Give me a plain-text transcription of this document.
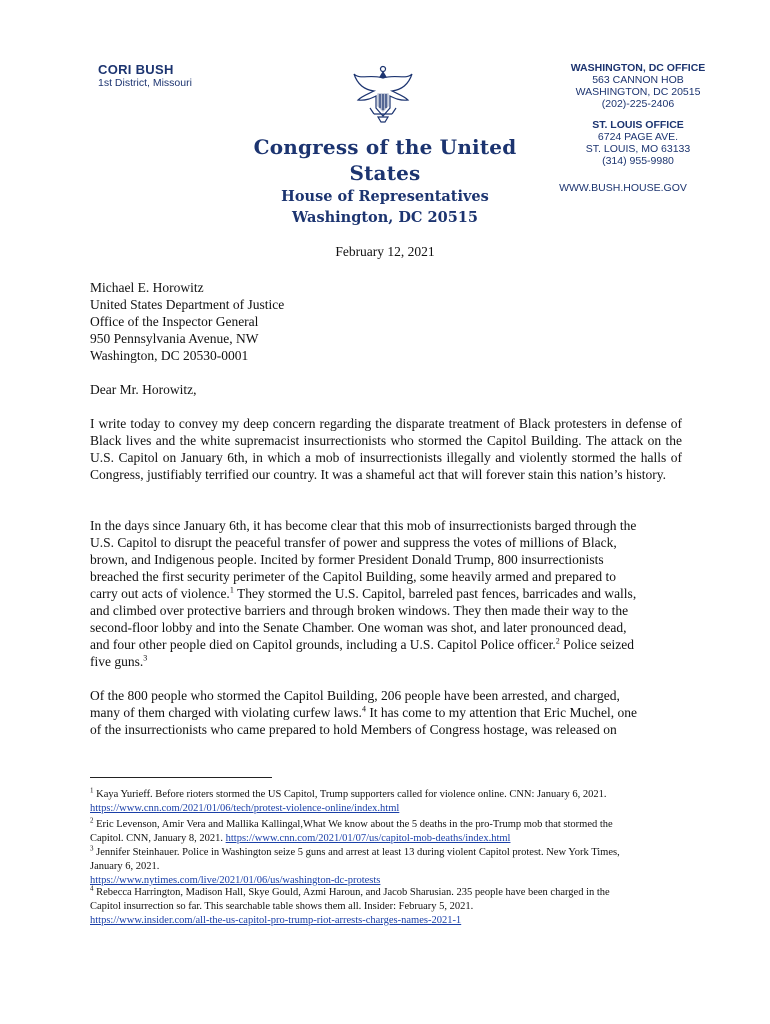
CORI BUSH
1st District, Missouri
Congress of the United States
House of Representatives
Washington, DC 20515
WASHINGTON, DC OFFICE
563 CANNON HOB
WASHINGTON, DC 20515
(202)-225-2406
ST. LOUIS OFFICE
6724 PAGE AVE.
ST. LOUIS, MO 63133
(314) 955-9980
WWW.BUSH.HOUSE.GOV
February 12, 2021
Michael E. Horowitz
United States Department of Justice
Office of the Inspector General
950 Pennsylvania Avenue, NW
Washington, DC 20530-0001
Dear Mr. Horowitz,
I write today to convey my deep concern regarding the disparate treatment of Black protesters in defense of Black lives and the white supremacist insurrectionists who stormed the Capitol Building. The attack on the U.S. Capitol on January 6th, in which a mob of insurrectionists illegally and violently stormed the halls of Congress, justifiably terrified our country. It was a shameful act that will forever stain this nation’s history.
In the days since January 6th, it has become clear that this mob of insurrectionists barged through the
U.S. Capitol to disrupt the peaceful transfer of power and suppress the votes of millions of Black,
brown, and Indigenous people. Incited by former President Donald Trump, 800 insurrectionists
breached the first security perimeter of the Capitol Building, some heavily armed and prepared to
carry out acts of violence.$^1$ They stormed the U.S. Capitol, barreled past fences, barricades and walls,
and climbed over protective barriers and through broken windows. They then made their way to the
second-floor lobby and into the Senate Chamber. One woman was shot, and later pronounced dead,
and four other people died on Capitol grounds, including a U.S. Capitol Police officer.$^2$ Police seized
five guns.$^3$
Of the 800 people who stormed the Capitol Building, 206 people have been arrested, and charged,
many of them charged with violating curfew laws.$^4$ It has come to my attention that Eric Muchel, one
of the insurrectionists who came prepared to hold Members of Congress hostage, was released on
$^1$ Kaya Yurieff. Before rioters stormed the US Capitol, Trump supporters called for violence online. CNN: January 6, 2021.
https://www.cnn.com/2021/01/06/tech/protest-violence-online/index.html
$^2$ Eric Levenson, Amir Vera and Mallika Kallingal,What We know about the 5 deaths in the pro-Trump mob that stormed the
Capitol. CNN, January 8, 2021. https://www.cnn.com/2021/01/07/us/capitol-mob-deaths/index.html
$^3$ Jennifer Steinhauer. Police in Washington seize 5 guns and arrest at least 13 during violent Capitol protest. New York Times,
January 6, 2021.
https://www.nytimes.com/live/2021/01/06/us/washington-dc-protests
$^4$ Rebecca Harrington, Madison Hall, Skye Gould, Azmi Haroun, and Jacob Sharusian. 235 people have been charged in the
Capitol insurrection so far. This searchable table shows them all. Insider: February 5, 2021.
https://www.insider.com/all-the-us-capitol-pro-trump-riot-arrests-charges-names-2021-1
